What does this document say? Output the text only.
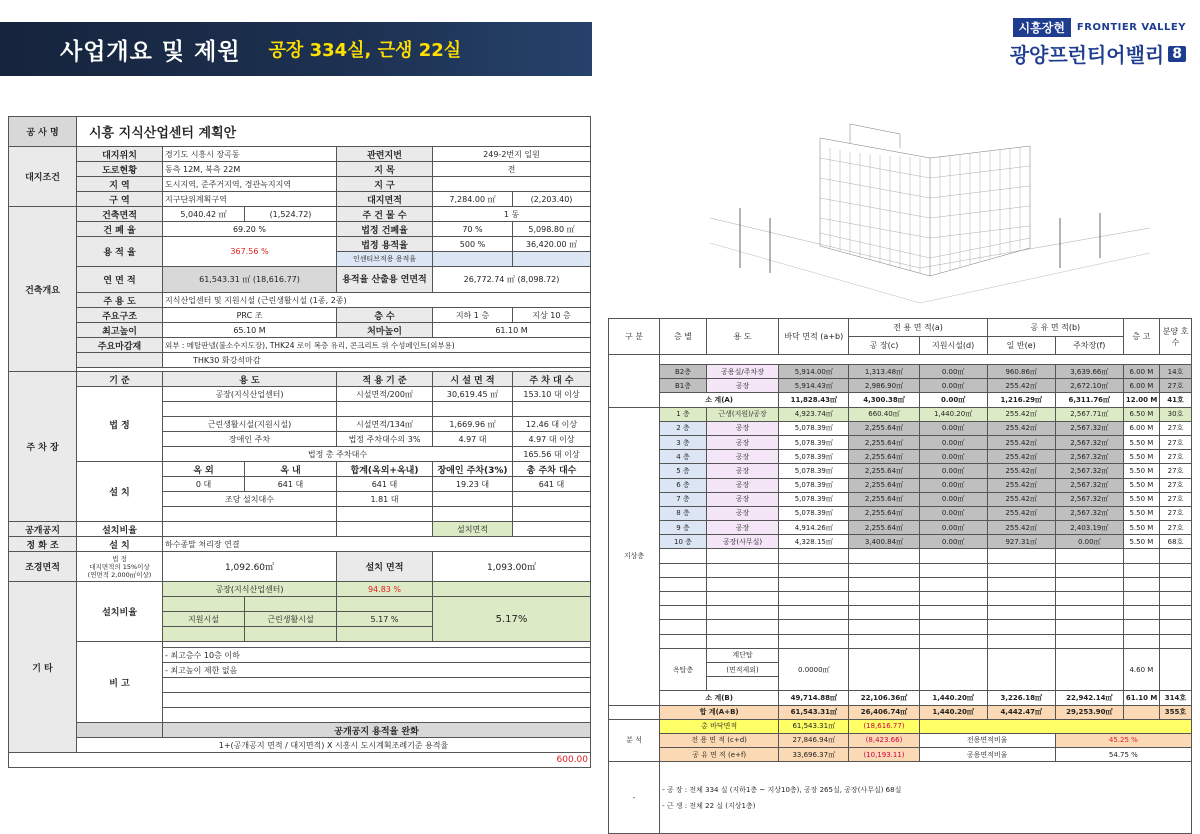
사업개요 및 제원 공장 334실, 근생 22실
시흥장현	FRONTIER VALLEY
광양프런티어밸리 8
공 사 명	시흥 지식산업센터 계획안					
대지조건	대지위치	경기도 시흥시 장곡동		관련지번	249-2번지 일원	
	도로현황	동측 12M, 북측 22M		지 목	전	
	지 역	도시지역, 준주거지역, 경관녹지지역		지 구		
	구 역	지구단위계획구역		대지면적	7,284.00 ㎡	(2,203.40)
건축개요	건축면적	5,040.42 ㎡	(1,524.72)	주 건 물 수	1 동	
	건 폐 율	69.20 %		법정 건폐율	70 %	5,098.80 ㎡
	용 적 율	367.56 %		법정 용적율	500 %	36,420.00 ㎡
				인센티브적용 용적율		
	연 면 적	61,543.31 ㎡ (18,616.77)		용적율 산출용 연면적	26,772.74 ㎡ (8,098.72)	
	주 용 도	지식산업센터 및 지원시설 (근린생활시설 (1종, 2종)				
	주요구조	PRC 조		층 수	지하 1 층	지상 10 층
	최고높이	65.10 M		처마높이	61.10 M	
	주요마감재	외부 : 메탈판넬(불소수지도장), THK24 로이 복층 유리, 콘크리트 위 수성페인트(외부용)				
		THK30 화강석마감				

주 차 장	기 준	용 도		적 용 기 준	시 설 면 적	주 차 대 수
	법 정	공장(지식산업센터)		시설면적/200㎡	30,619.45 ㎡	153.10 대 이상

		근린생활시설(지원시설)		시설면적/134㎡	1,669.96 ㎡	12.46 대 이상
		장애인 주차		법정 주차대수의 3%	4.97 대	4.97 대 이상
		법정 총 주차대수				165.56 대 이상
	설 치	옥 외	옥 내	합계(옥외+옥내)	장애인 주차(3%)	총 주차 대수
		0 대	641 대	641 대	19.23 대	641 대
		조당 설치대수		1.81 대		

공개공지	설치비율				설치면적	
정 화 조	설 치	하수종말 처리장 연결				
조경면적	법 정
대지면적의 15%이상
(연면적 2,000㎡이상)	1,092.60㎡		설치 면적	1,093.00㎡	
기 타	설치비율	공장(지식산업센터)		94.83 %		
					5.17%	
		지원시설	근린생활시설	5.17 %		

	비 고					
		- 최고층수 10층 이하				
		- 최고높이 제한 없음				

		공개공지 용적율 완화				
	1+(공개공지 면적 / 대지면적) X 시흥시 도시계획조례기준 용적율					
600.00						
구 분	층 별	용 도	바닥 면적 (a+b)	전 용 면 적(a)		공 유 면 적(b)		층 고	분양 호수
				공 장(c)	지원시설(d)	일 반(e)	주차장(f)		

	B2층	공용실/주차장	5,914.00㎡	1,313.48㎡	0.00㎡	960.86㎡	3,639.66㎡	6.00 M	14호
	B1층	공장	5,914.43㎡	2,986.90㎡	0.00㎡	255.42㎡	2,672.10㎡	6.00 M	27호
	소 계(A)		11,828.43㎡	4,300.38㎡	0.00㎡	1,216.29㎡	6,311.76㎡	12.00 M	41호
지상층	1 층	근생(지원)/공장	4,923.74㎡	660.40㎡	1,440.20㎡	255.42㎡	2,567.71㎡	6.50 M	30호
	2 층	공장	5,078.39㎡	2,255.64㎡	0.00㎡	255.42㎡	2,567.32㎡	6.00 M	27호
	3 층	공장	5,078.39㎡	2,255.64㎡	0.00㎡	255.42㎡	2,567.32㎡	5.50 M	27호
	4 층	공장	5,078.39㎡	2,255.64㎡	0.00㎡	255.42㎡	2,567.32㎡	5.50 M	27호
	5 층	공장	5,078.39㎡	2,255.64㎡	0.00㎡	255.42㎡	2,567.32㎡	5.50 M	27호
	6 층	공장	5,078.39㎡	2,255.64㎡	0.00㎡	255.42㎡	2,567.32㎡	5.50 M	27호
	7 층	공장	5,078.39㎡	2,255.64㎡	0.00㎡	255.42㎡	2,567.32㎡	5.50 M	27호
	8 층	공장	5,078.39㎡	2,255.64㎡	0.00㎡	255.42㎡	2,567.32㎡	5.50 M	27호
	9 층	공장	4,914.26㎡	2,255.64㎡	0.00㎡	255.42㎡	2,403.19㎡	5.50 M	27호
	10 층	공장(사무실)	4,328.15㎡	3,400.84㎡	0.00㎡	927.31㎡	0.00㎡	5.50 M	68호

	옥탑층	계단탑	0.0000㎡					4.60 M	
		(면적제외)							

	소 계(B)		49,714.88㎡	22,106.36㎡	1,440.20㎡	3,226.18㎡	22,942.14㎡	61.10 M	314호
	합 계(A+B)		61,543.31㎡	26,406.74㎡	1,440.20㎡	4,442.47㎡	29,253.90㎡		355호
분 석	총 바닥면적		61,543.31㎡	(18,616.77)					
	전 용 면 적 (c+d)		27,846.94㎡	(8,423.66)	전용면적비율		45.25 %		
	공 유 면 적 (e+f)		33,696.37㎡	(10,193.11)	공용면적비율		54.75 %		
-	- 공 장 : 전체 334 실 (지하1층 ~ 지상10층), 공장 265실, 공장(사무실) 68실
- 근 생 : 전체 22 실 (지상1층)								
